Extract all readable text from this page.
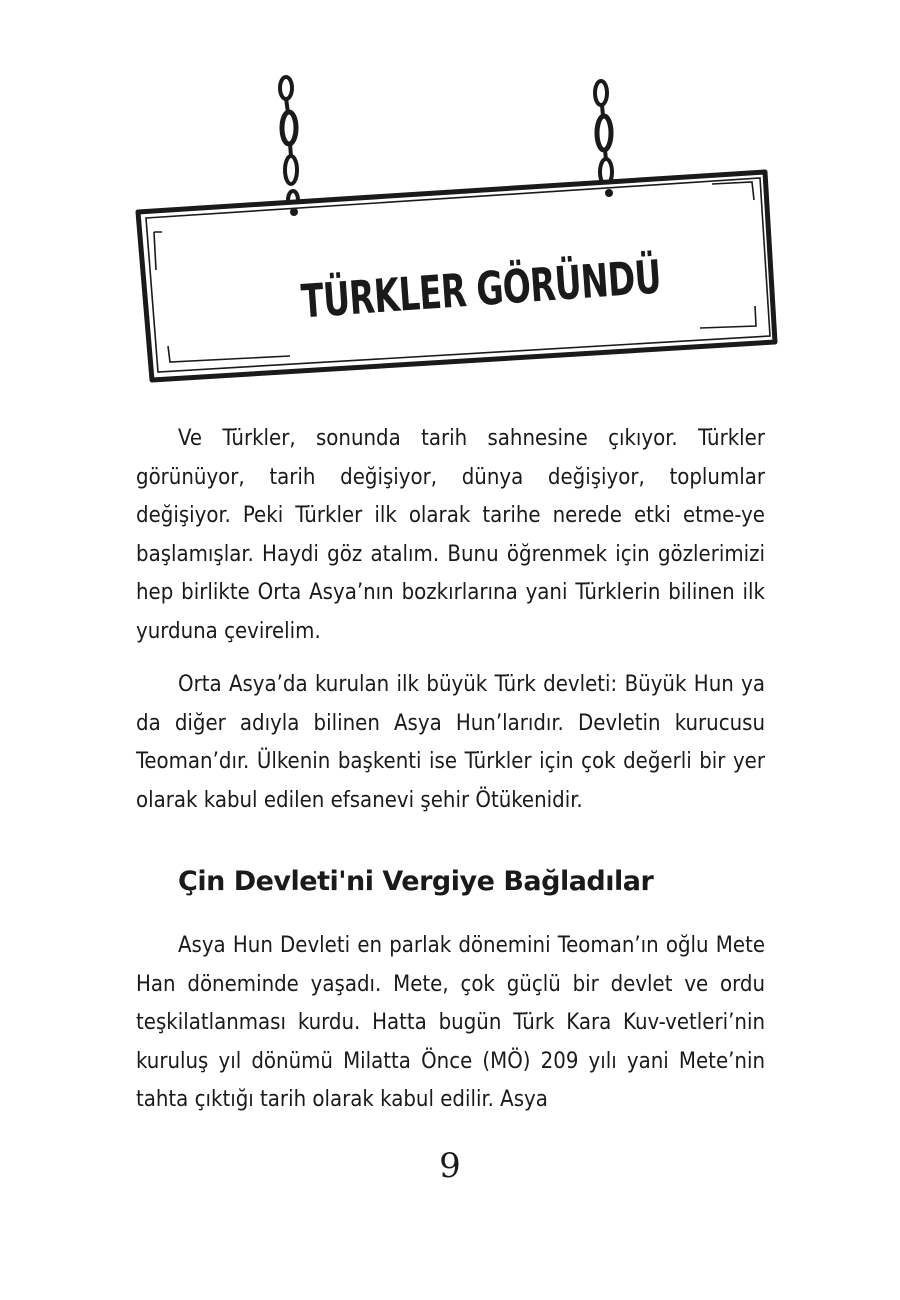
TÜRKLER GÖRÜNDÜ

Ve Türkler, sonunda tarih sahnesine çıkıyor. Türkler görünüyor, tarih değişiyor, dünya değişiyor, toplumlar değişiyor. Peki Türkler ilk olarak tarihe nerede etki etme-ye başlamışlar. Haydi göz atalım. Bunu öğrenmek için gözlerimizi hep birlikte Orta Asya’nın bozkırlarına yani Türklerin bilinen ilk yurduna çevirelim.

Orta Asya’da kurulan ilk büyük Türk devleti: Büyük Hun ya da diğer adıyla bilinen Asya Hun’larıdır. Devletin kurucusu Teoman’dır. Ülkenin başkenti ise Türkler için çok değerli bir yer olarak kabul edilen efsanevi şehir Ötükenidir.

Çin Devleti'ni Vergiye Bağladılar

Asya Hun Devleti en parlak dönemini Teoman’ın oğlu Mete Han döneminde yaşadı. Mete, çok güçlü bir devlet ve ordu teşkilatlanması kurdu. Hatta bugün Türk Kara Kuv-vetleri’nin kuruluş yıl dönümü Milatta Önce (MÖ) 209 yılı yani Mete’nin tahta çıktığı tarih olarak kabul edilir. Asya

9
